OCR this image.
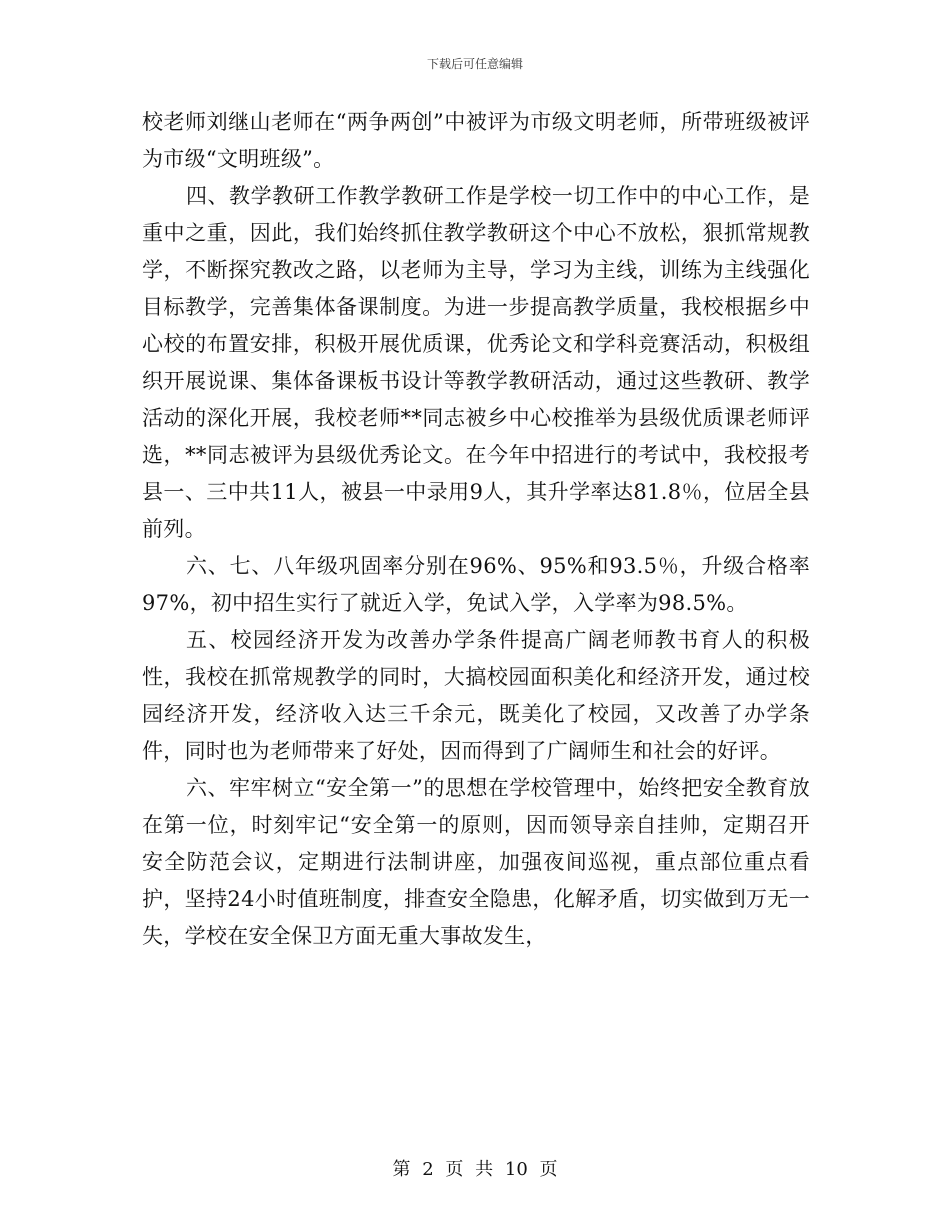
下载后可任意编辑

校老师刘继山老师在“两争两创”中被评为市级文明老师，所带班级被评为市级“文明班级”。

四、教学教研工作教学教研工作是学校一切工作中的中心工作，是重中之重，因此，我们始终抓住教学教研这个中心不放松，狠抓常规教学，不断探究教改之路，以老师为主导，学习为主线，训练为主线强化目标教学，完善集体备课制度。为进一步提高教学质量，我校根据乡中心校的布置安排，积极开展优质课，优秀论文和学科竞赛活动，积极组织开展说课、集体备课板书设计等教学教研活动，通过这些教研、教学活动的深化开展，我校老师**同志被乡中心校推举为县级优质课老师评选，**同志被评为县级优秀论文。在今年中招进行的考试中，我校报考县一、三中共11人，被县一中录用9人，其升学率达81.8％，位居全县前列。

六、七、八年级巩固率分别在96%、95%和93.5％，升级合格率97%，初中招生实行了就近入学，免试入学，入学率为98.5%。

五、校园经济开发为改善办学条件提高广阔老师教书育人的积极性，我校在抓常规教学的同时，大搞校园面积美化和经济开发，通过校园经济开发，经济收入达三千余元，既美化了校园，又改善了办学条件，同时也为老师带来了好处，因而得到了广阔师生和社会的好评。

六、牢牢树立“安全第一”的思想在学校管理中，始终把安全教育放在第一位，时刻牢记“安全第一的原则，因而领导亲自挂帅，定期召开安全防范会议，定期进行法制讲座，加强夜间巡视，重点部位重点看护，坚持24小时值班制度，排查安全隐患，化解矛盾，切实做到万无一失，学校在安全保卫方面无重大事故发生，

第 2 页 共 10 页
